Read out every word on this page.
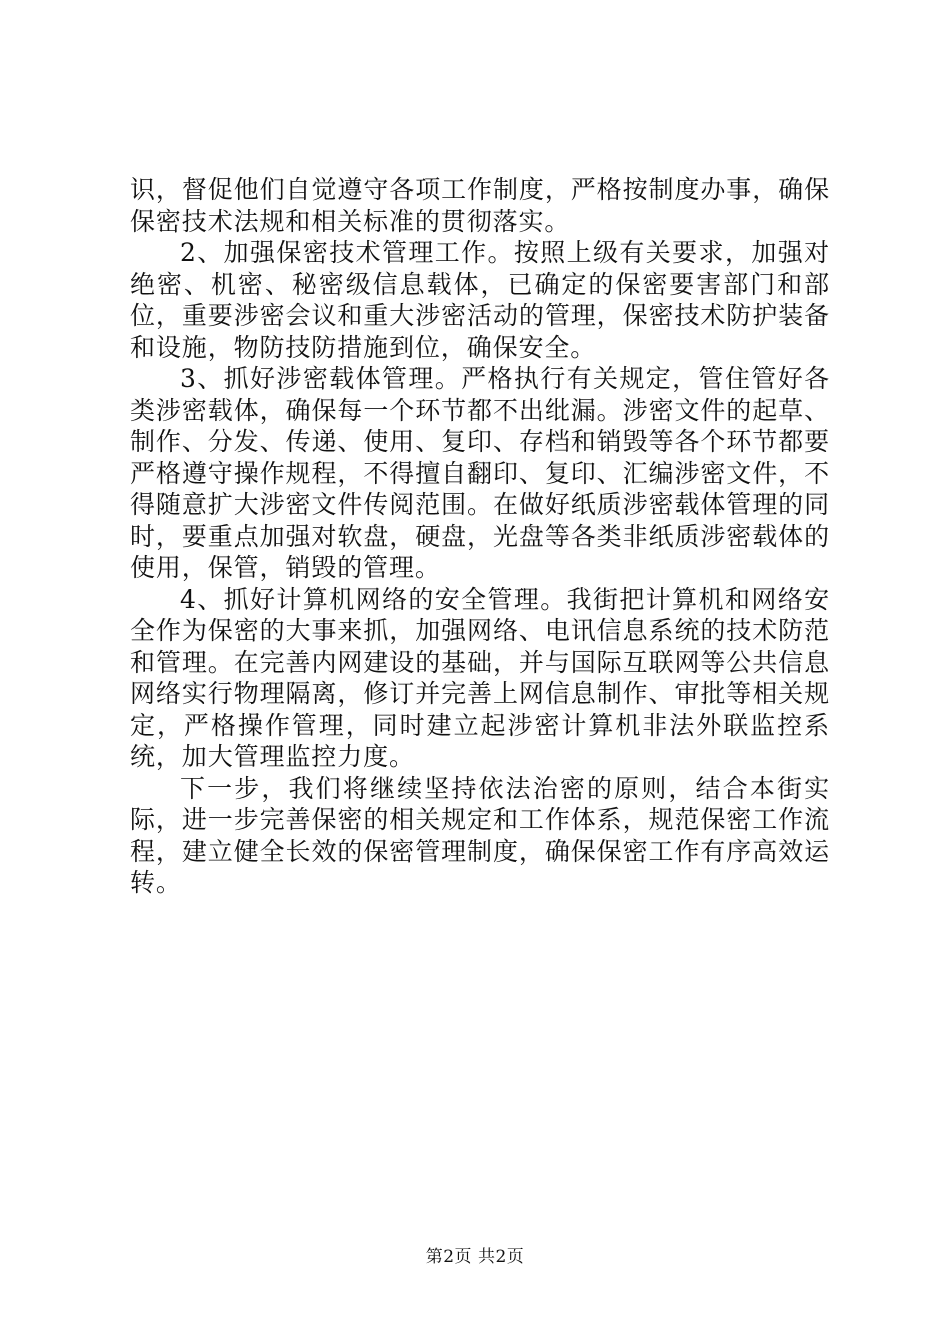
识，督促他们自觉遵守各项工作制度，严格按制度办事，确保保密技术法规和相关标准的贯彻落实。

2、加强保密技术管理工作。按照上级有关要求，加强对绝密、机密、秘密级信息载体，已确定的保密要害部门和部位，重要涉密会议和重大涉密活动的管理，保密技术防护装备和设施，物防技防措施到位，确保安全。

3、抓好涉密载体管理。严格执行有关规定，管住管好各类涉密载体，确保每一个环节都不出纰漏。涉密文件的起草、制作、分发、传递、使用、复印、存档和销毁等各个环节都要严格遵守操作规程，不得擅自翻印、复印、汇编涉密文件，不得随意扩大涉密文件传阅范围。在做好纸质涉密载体管理的同时，要重点加强对软盘，硬盘，光盘等各类非纸质涉密载体的使用，保管，销毁的管理。

4、抓好计算机网络的安全管理。我街把计算机和网络安全作为保密的大事来抓，加强网络、电讯信息系统的技术防范和管理。在完善内网建设的基础，并与国际互联网等公共信息网络实行物理隔离，修订并完善上网信息制作、审批等相关规定，严格操作管理，同时建立起涉密计算机非法外联监控系统，加大管理监控力度。

下一步，我们将继续坚持依法治密的原则，结合本街实际，进一步完善保密的相关规定和工作体系，规范保密工作流程，建立健全长效的保密管理制度，确保保密工作有序高效运转。

第2页 共2页
